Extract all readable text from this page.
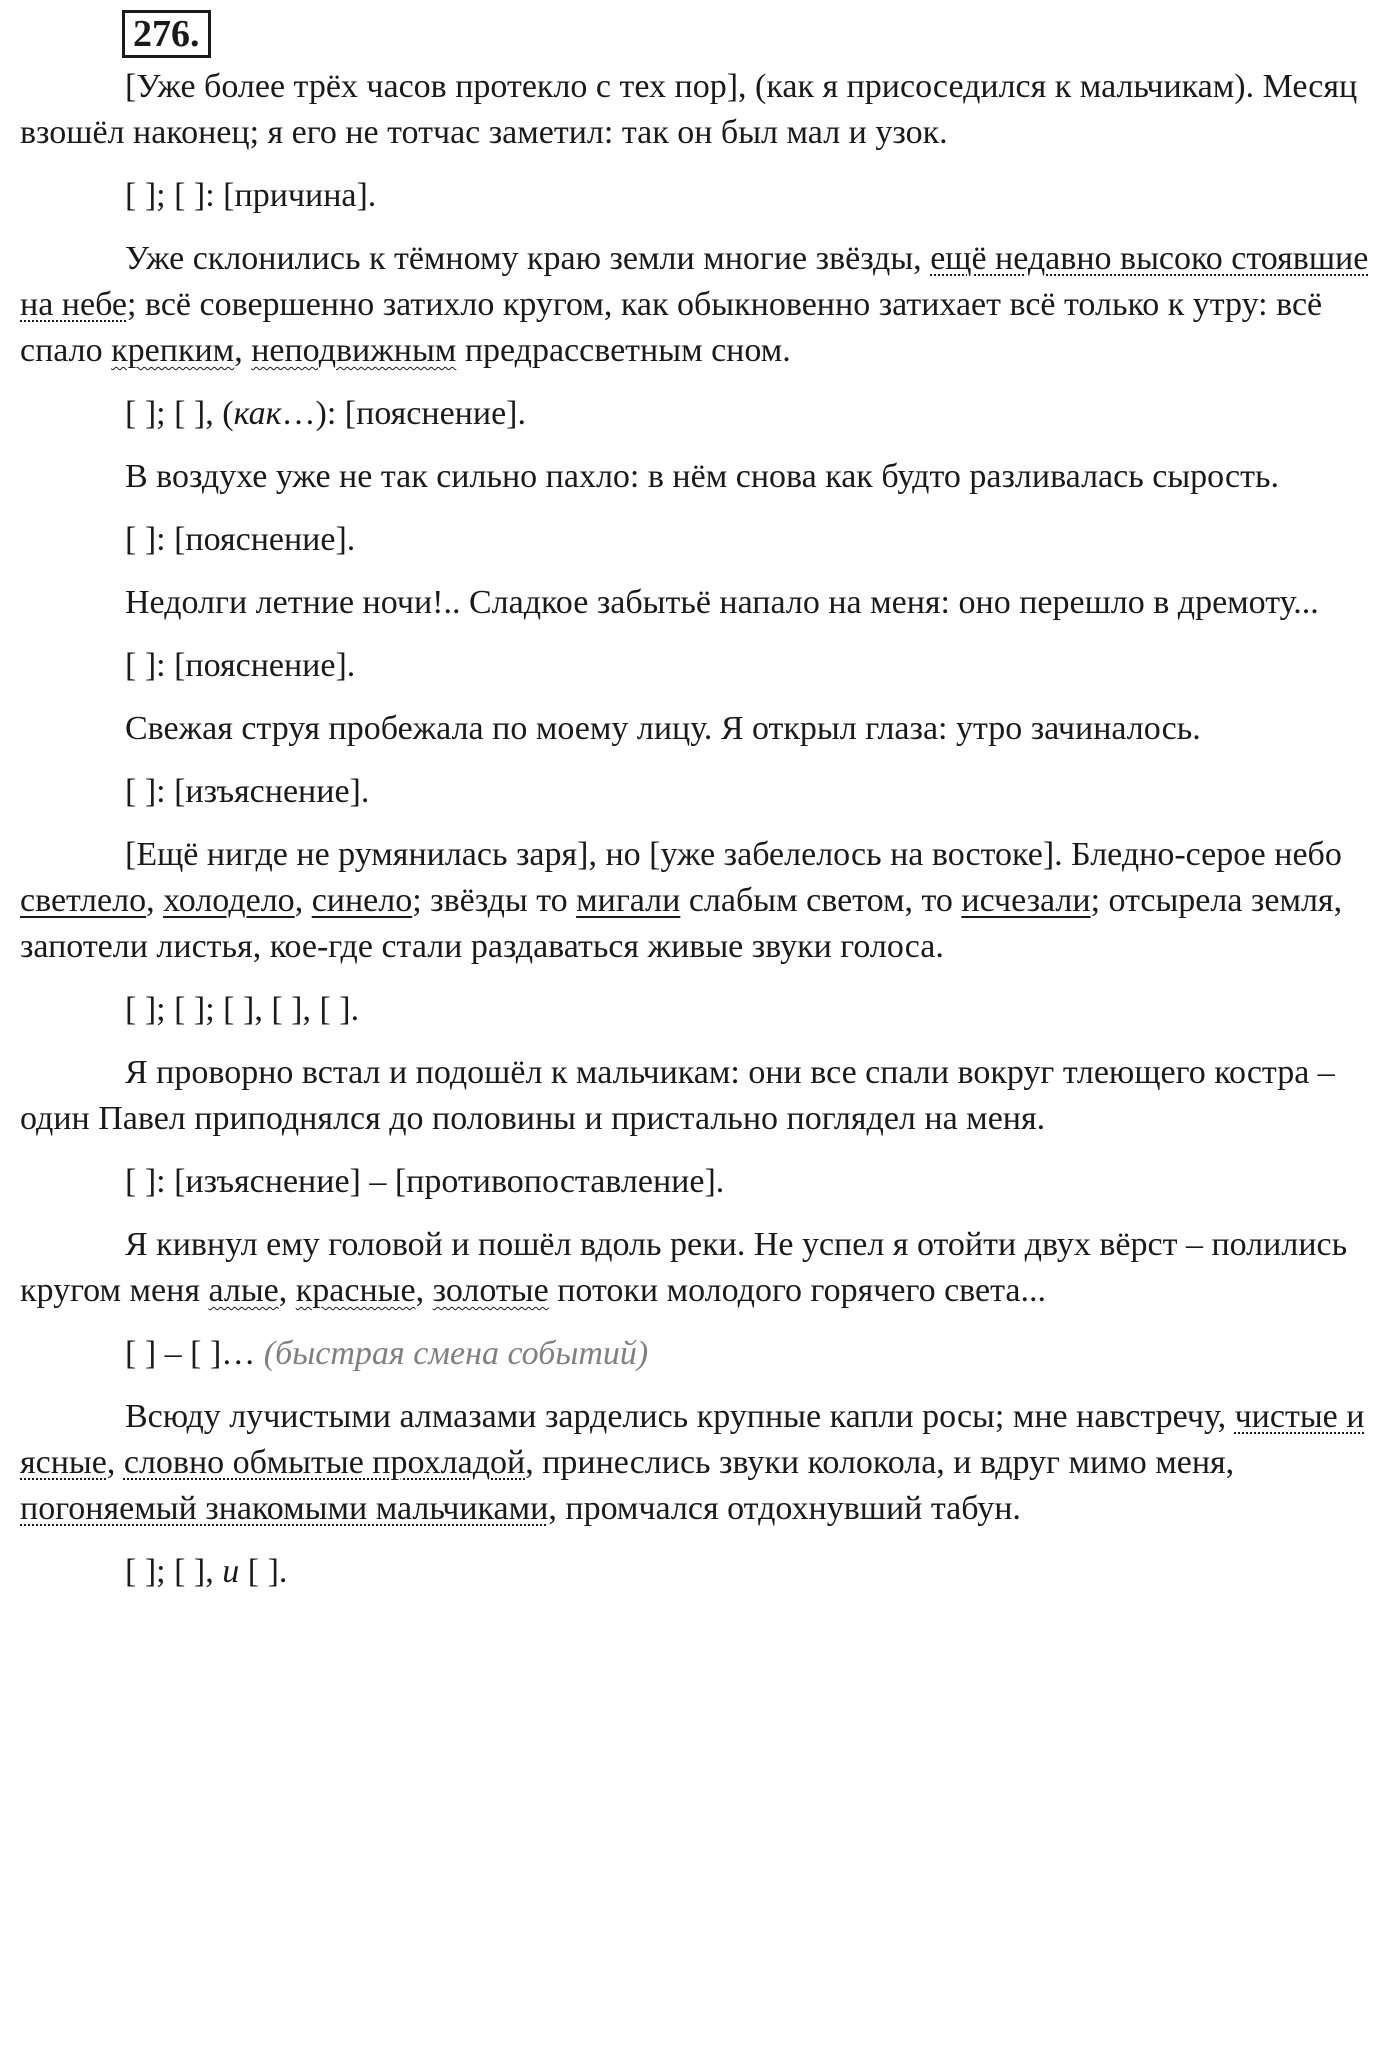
276.

[Уже более трёх часов протекло с тех пор], (как я присоседился к мальчикам). Месяц взошёл наконец; я его не тотчас заметил: так он был мал и узок.

[ ]; [ ]: [причина].

Уже склонились к тёмному краю земли многие звёзды, ещё недавно высоко стоявшие на небе; всё совершенно затихло кругом, как обыкновенно затихает всё только к утру: всё спало крепким, неподвижным предрассветным сном.

[ ]; [ ], (как…): [пояснение].

В воздухе уже не так сильно пахло: в нём снова как будто разливалась сырость.

[ ]: [пояснение].

Недолги летние ночи!.. Сладкое забытьё напало на меня: оно перешло в дремоту...

[ ]: [пояснение].

Свежая струя пробежала по моему лицу. Я открыл глаза: утро зачиналось.

[ ]: [изъяснение].

[Ещё нигде не румянилась заря], но [уже забелелось на востоке]. Бледно-серое небо светлело, холодело, синело; звёзды то мигали слабым светом, то исчезали; отсырела земля, запотели листья, кое-где стали раздаваться живые звуки голоса.

[ ]; [ ]; [ ], [ ], [ ].

Я проворно встал и подошёл к мальчикам: они все спали вокруг тлеющего костра – один Павел приподнялся до половины и пристально поглядел на меня.

[ ]: [изъяснение] – [противопоставление].

Я кивнул ему головой и пошёл вдоль реки. Не успел я отойти двух вёрст – полились кругом меня алые, красные, золотые потоки молодого горячего света...

[ ] – [ ]… (быстрая смена событий)

Всюду лучистыми алмазами зарделись крупные капли росы; мне навстречу, чистые и ясные, словно обмытые прохладой, принеслись звуки колокола, и вдруг мимо меня, погоняемый знакомыми мальчиками, промчался отдохнувший табун.

[ ]; [ ], и [ ].
